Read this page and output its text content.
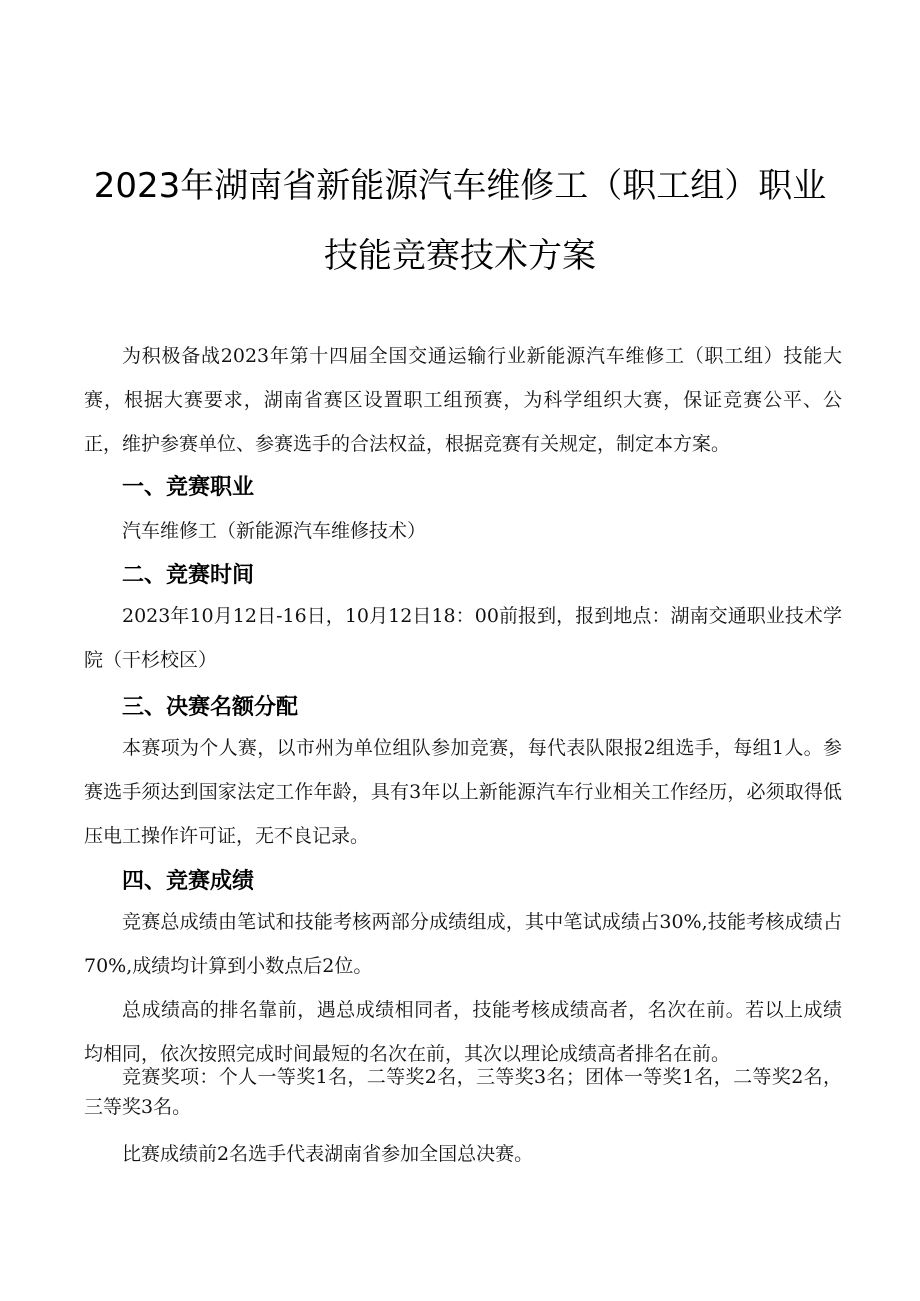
2023年湖南省新能源汽车维修工（职工组）职业
技能竞赛技术方案
为积极备战2023年第十四届全国交通运输行业新能源汽车维修工（职工组）技能大赛，根据大赛要求，湖南省赛区设置职工组预赛，为科学组织大赛，保证竞赛公平、公正，维护参赛单位、参赛选手的合法权益，根据竞赛有关规定，制定本方案。
一、竞赛职业
汽车维修工（新能源汽车维修技术）
二、竞赛时间
2023年10月12日-16日，10月12日18：00前报到，报到地点：湖南交通职业技术学院（干杉校区）
三、决赛名额分配
本赛项为个人赛，以市州为单位组队参加竞赛，每代表队限报2组选手，每组1人。参赛选手须达到国家法定工作年龄，具有3年以上新能源汽车行业相关工作经历，必须取得低压电工操作许可证，无不良记录。
四、竞赛成绩
竞赛总成绩由笔试和技能考核两部分成绩组成，其中笔试成绩占30%,技能考核成绩占70%,成绩均计算到小数点后2位。
总成绩高的排名靠前，遇总成绩相同者，技能考核成绩高者，名次在前。若以上成绩均相同，依次按照完成时间最短的名次在前，其次以理论成绩高者排名在前。
竞赛奖项：个人一等奖1名，二等奖2名，三等奖3名；团体一等奖1名，二等奖2名，三等奖3名。
比赛成绩前2名选手代表湖南省参加全国总决赛。
